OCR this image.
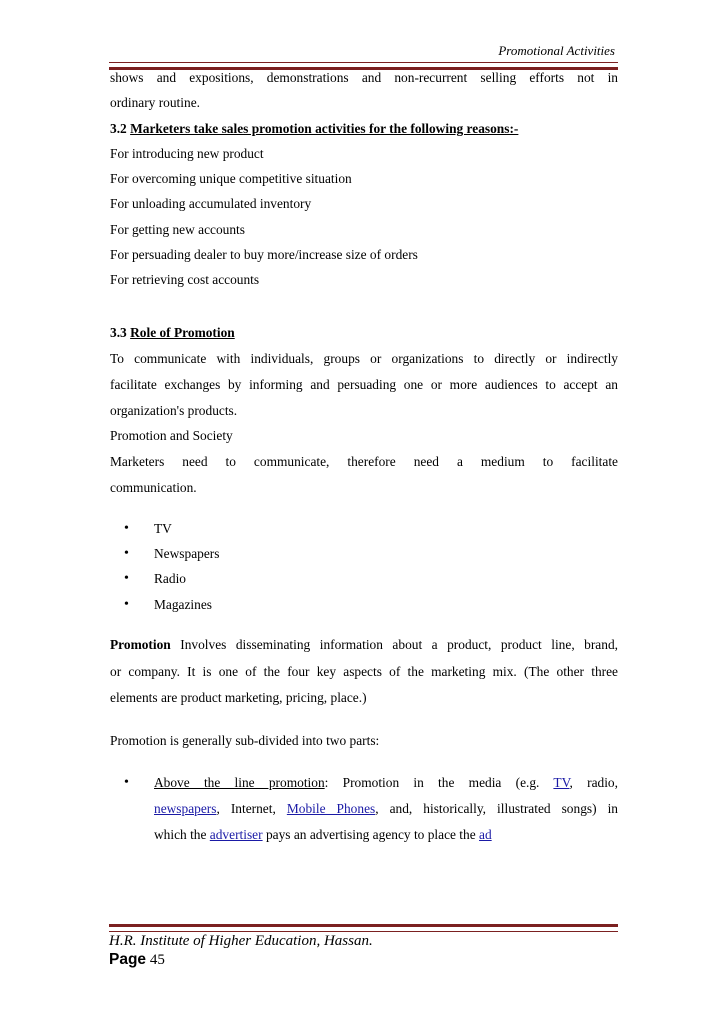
Promotional Activities
shows and expositions, demonstrations and non-recurrent selling efforts not in
ordinary routine.
3.2 Marketers take sales promotion activities for the following reasons:-
For introducing new product
For overcoming unique competitive situation
For unloading accumulated inventory
For getting new accounts
For persuading dealer to buy more/increase size of orders
For retrieving cost accounts
3.3 Role of Promotion
To communicate with individuals, groups or organizations to directly or indirectly
facilitate exchanges by informing and persuading one or more audiences to accept an
organization's products.
Promotion and Society
Marketers need to communicate, therefore need a medium to facilitate
communication.
• TV
• Newspapers
• Radio
• Magazines
Promotion Involves disseminating information about a product, product line, brand,
or company. It is one of the four key aspects of the marketing mix. (The other three
elements are product marketing, pricing, place.)
Promotion is generally sub-divided into two parts:
• Above the line promotion: Promotion in the media (e.g. TV, radio,
newspapers, Internet, Mobile Phones, and, historically, illustrated songs) in
which the advertiser pays an advertising agency to place the ad
H.R. Institute of Higher Education, Hassan.
Page 45
